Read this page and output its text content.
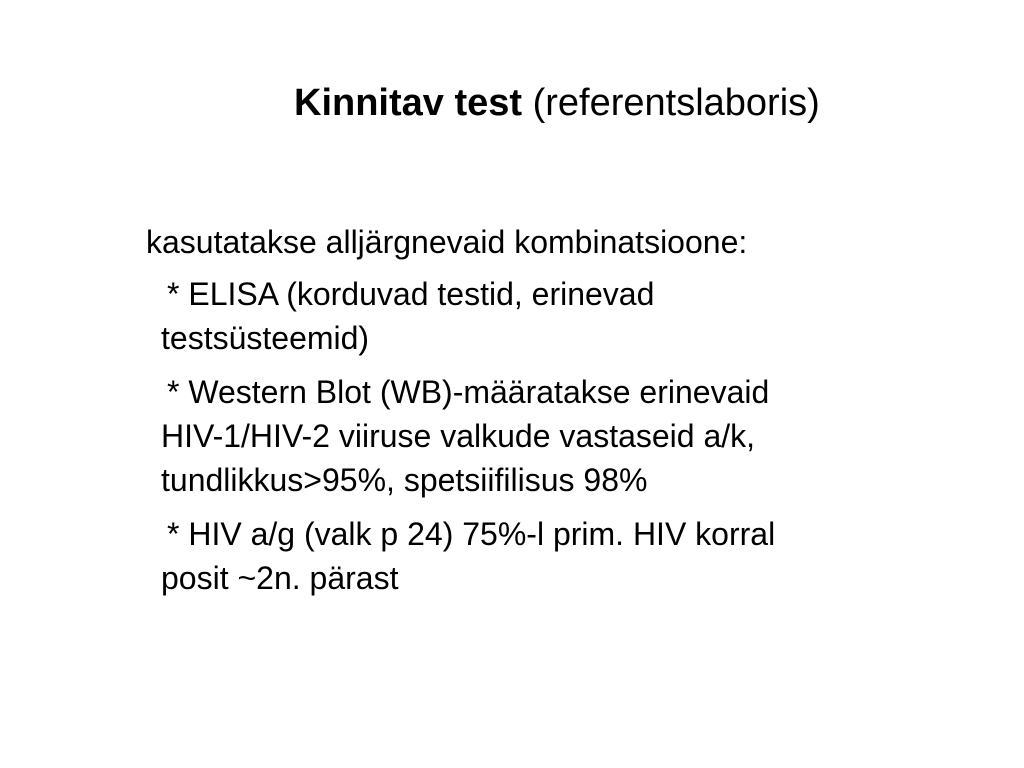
Kinnitav test (referentslaboris)
kasutatakse alljärgnevaid kombinatsioone:
* ELISA (korduvad testid, erinevad
testsüsteemid)
* Western Blot (WB)-määratakse erinevaid
HIV-1/HIV-2 viiruse valkude vastaseid a/k,
tundlikkus>95%, spetsiifilisus 98%
* HIV a/g (valk p 24) 75%-l prim. HIV korral
posit ~2n. pärast
